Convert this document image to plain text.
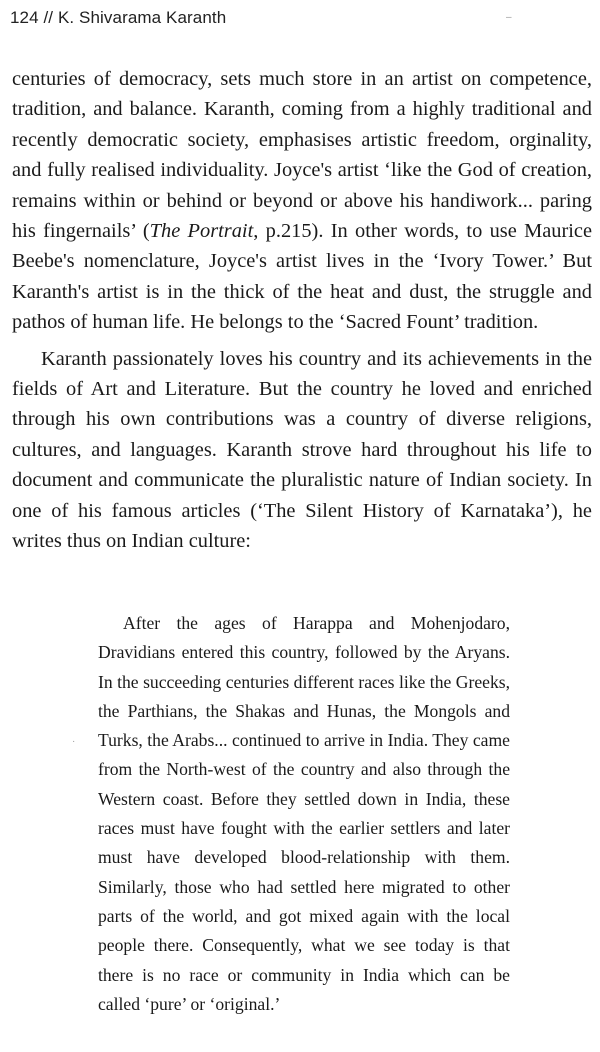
124 // K. Shivarama Karanth	–
·

centuries of democracy, sets much store in an artist on competence, tradition, and balance. Karanth, coming from a highly traditional and recently democratic society, emphasises artistic freedom, orginality, and fully realised individuality. Joyce's artist ‘like the God of creation, remains within or behind or beyond or above his handiwork... paring his fingernails’ (The Portrait, p.215). In other words, to use Maurice Beebe's nomenclature, Joyce's artist lives in the ‘Ivory Tower.’ But Karanth's artist is in the thick of the heat and dust, the struggle and pathos of human life. He belongs to the ‘Sacred Fount’ tradition.

Karanth passionately loves his country and its achievements in the fields of Art and Literature. But the country he loved and enriched through his own contributions was a country of diverse religions, cultures, and languages. Karanth strove hard throughout his life to document and communicate the pluralistic nature of Indian society. In one of his famous articles (‘The Silent History of Karnataka’), he writes thus on Indian culture:

After the ages of Harappa and Mohenjodaro, Dravidians entered this country, followed by the Aryans. In the succeeding centuries different races like the Greeks, the Parthians, the Shakas and Hunas, the Mongols and Turks, the Arabs... continued to arrive in India. They came from the North-west of the country and also through the Western coast. Before they settled down in India, these races must have fought with the earlier settlers and later must have developed blood-relationship with them. Similarly, those who had settled here migrated to other parts of the world, and got mixed again with the local people there. Consequently, what we see today is that there is no race or community in India which can be called ‘pure’ or ‘original.’
